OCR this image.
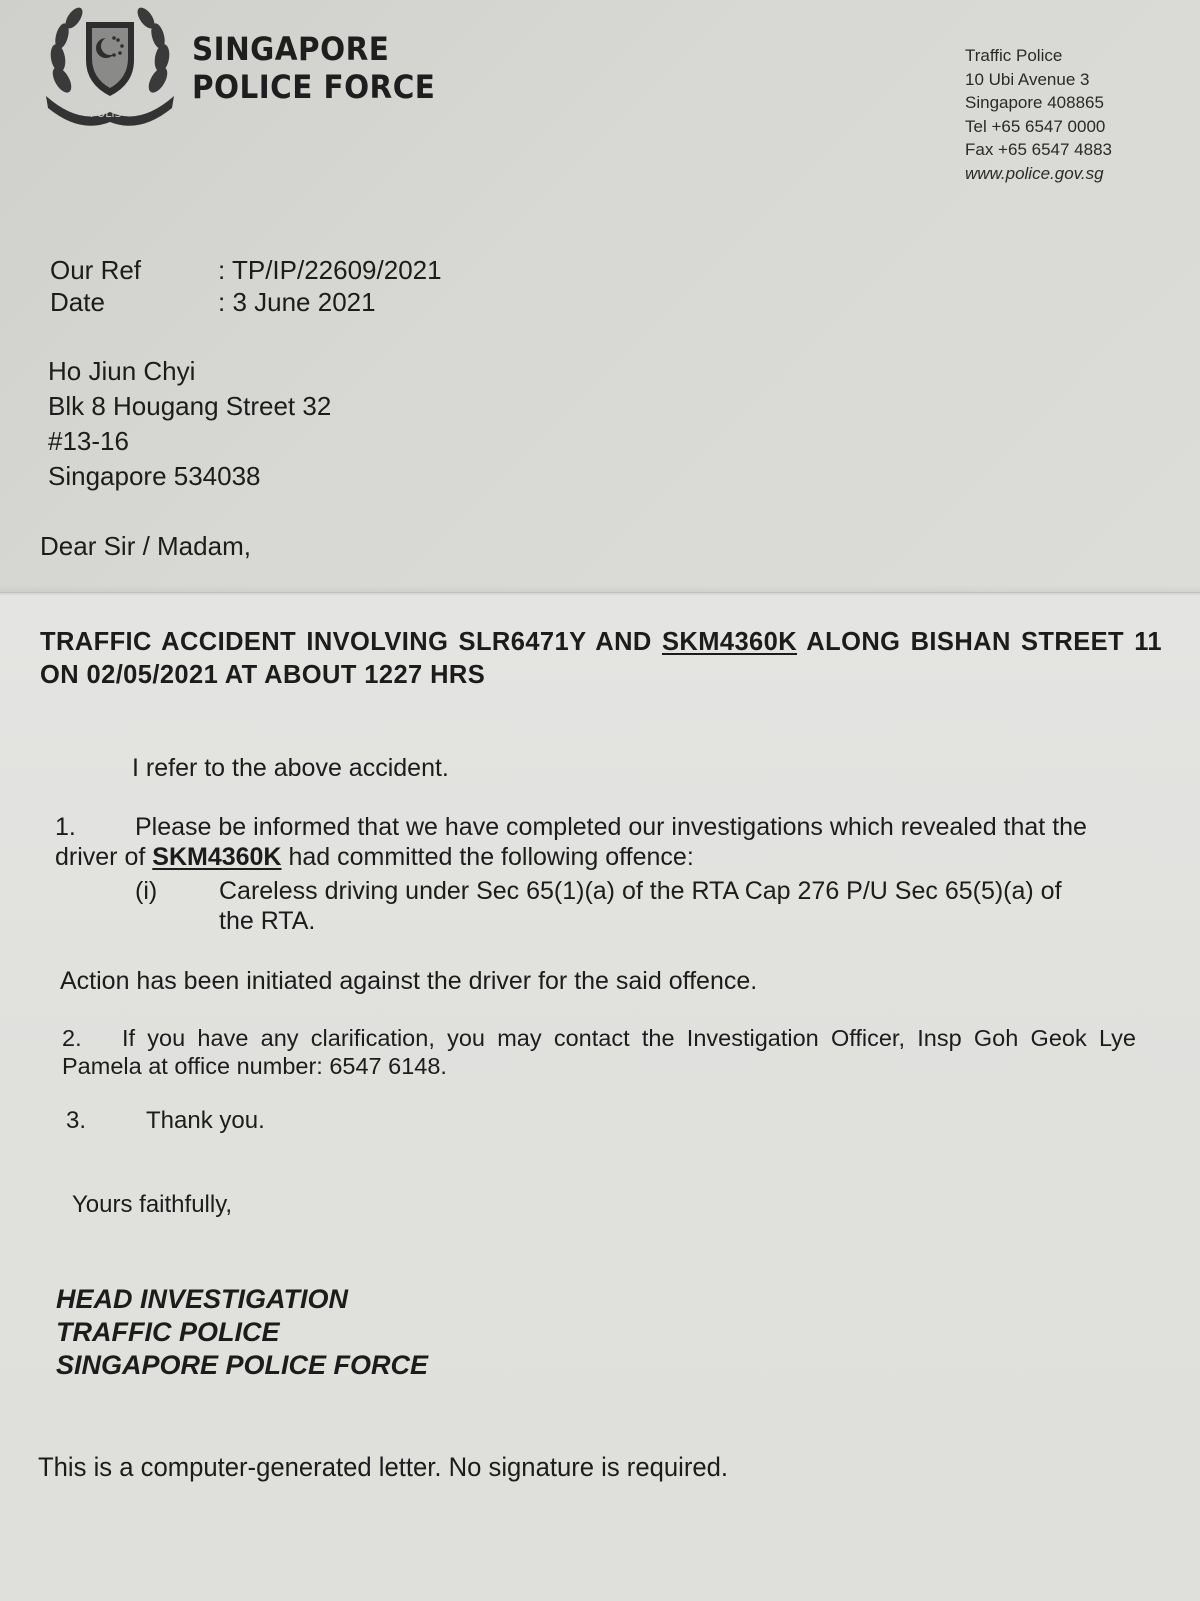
POLIS
SINGAPORE
POLICE FORCE
Traffic Police
10 Ubi Avenue 3
Singapore 408865
Tel +65 6547 0000
Fax +65 6547 4883
www.police.gov.sg
Our Ref	: TP/IP/22609/2021
Date	: 3 June 2021
Ho Jiun Chyi
Blk 8 Hougang Street 32
#13-16
Singapore 534038
Dear Sir / Madam,
TRAFFIC ACCIDENT INVOLVING SLR6471Y AND SKM4360K ALONG BISHAN STREET 11 ON 02/05/2021 AT ABOUT 1227 HRS
I refer to the above accident.
1. Please be informed that we have completed our investigations which revealed that the driver of SKM4360K had committed the following offence:
(i) Careless driving under Sec 65(1)(a) of the RTA Cap 276 P/U Sec 65(5)(a) of the RTA.
Action has been initiated against the driver for the said offence.
2. If you have any clarification, you may contact the Investigation Officer, Insp Goh Geok Lye Pamela at office number: 6547 6148.
3. Thank you.
Yours faithfully,
HEAD INVESTIGATION
TRAFFIC POLICE
SINGAPORE POLICE FORCE
This is a computer-generated letter. No signature is required.
